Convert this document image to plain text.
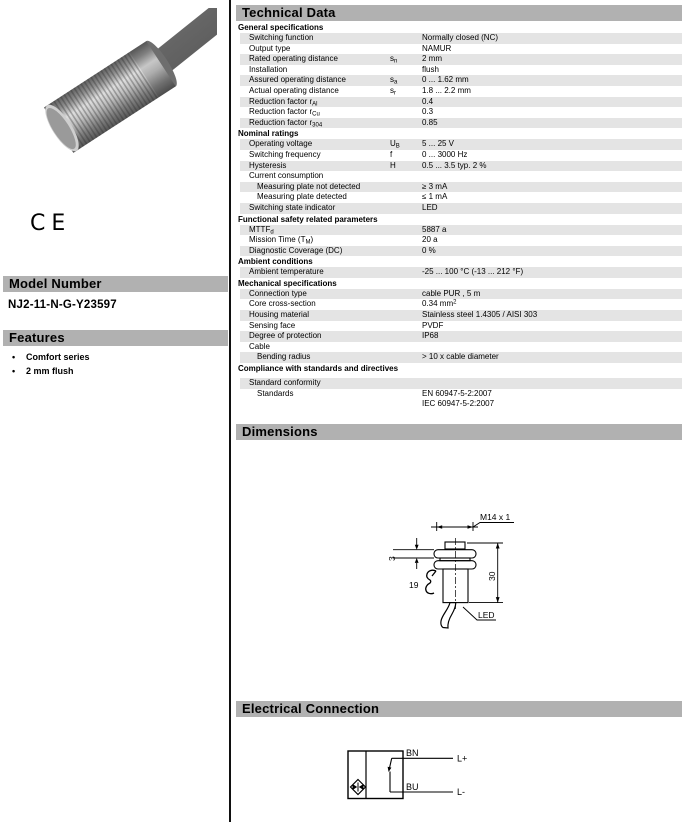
CE
Model Number
NJ2-11-N-G-Y23597
Features
•	Comfort series
•	2 mm flush
Technical Data
General specifications
Switching function	Normally closed (NC)
Output type	NAMUR
Rated operating distance	$s_n$	2 mm
Installation	flush
Assured operating distance	$s_a$	0 ... 1.62 mm
Actual operating distance	$s_r$	1.8 ... 2.2 mm
Reduction factor $r_{Al}$	0.4
Reduction factor $r_{Cu}$	0.3
Reduction factor $r_{304}$	0.85
Nominal ratings
Operating voltage	$U_B$	5 ... 25 V
Switching frequency	f	0 ... 3000 Hz
Hysteresis	H	0.5 ... 3.5 typ. 2 %
Current consumption
Measuring plate not detected	≥ 3 mA
Measuring plate detected	≤ 1 mA
Switching state indicator	LED
Functional safety related parameters
$MTTF_d$	5887 a
Mission Time $(T_M)$	20 a
Diagnostic Coverage (DC)	0 %
Ambient conditions
Ambient temperature	-25 ... 100 °C (-13 ... 212 °F)
Mechanical specifications
Connection type	cable PUR , 5 m
Core cross-section	0.34 $mm^2$
Housing material	Stainless steel 1.4305 / AISI 303
Sensing face	PVDF
Degree of protection	IP68
Cable
Bending radius	> 10 x cable diameter
Compliance with standards and directives
Standard conformity
Standards	EN 60947-5-2:2007
IEC 60947-5-2:2007
Dimensions
M14 x 1
3
19
30
LED
Electrical Connection
BN
BU
L+
L-
